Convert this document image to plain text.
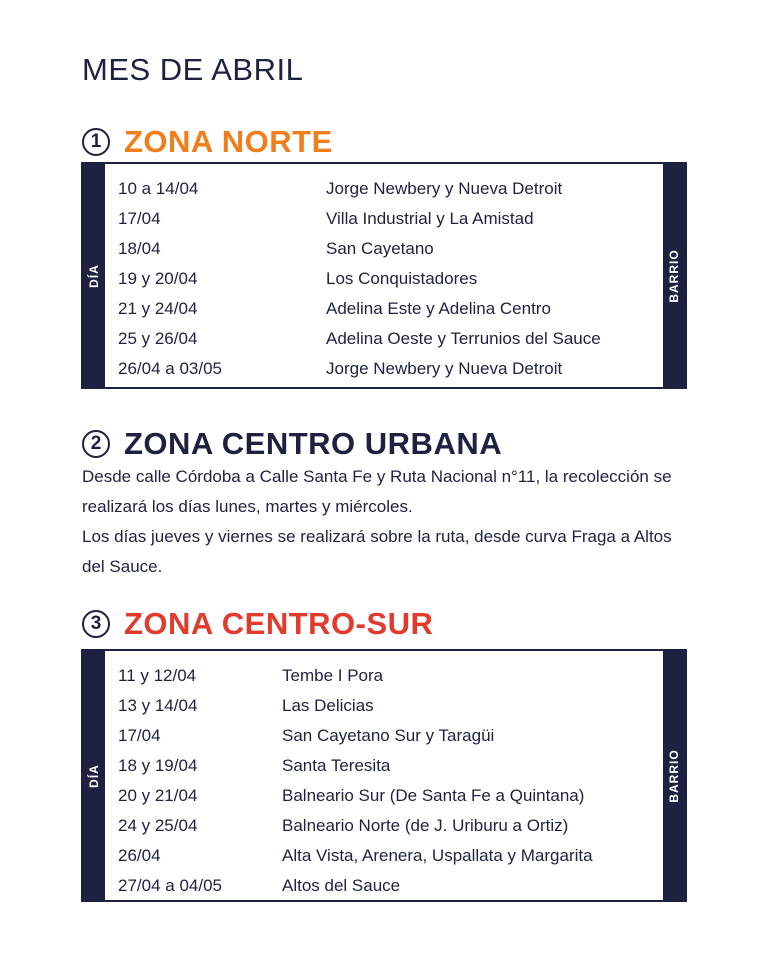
MES DE ABRIL
1 ZONA NORTE
DÍA
10 a 14/04	Jorge Newbery y Nueva Detroit
17/04	Villa Industrial y La Amistad
18/04	San Cayetano
19 y 20/04	Los Conquistadores
21 y 24/04	Adelina Este y Adelina Centro
25 y 26/04	Adelina Oeste y Terrunios del Sauce
26/04 a 03/05	Jorge Newbery y Nueva Detroit
BARRIO
2 ZONA CENTRO URBANA

Desde calle Córdoba a Calle Santa Fe y Ruta Nacional n°11, la recolección se realizará los días lunes, martes y miércoles.

Los días jueves y viernes se realizará sobre la ruta, desde curva Fraga a Altos del Sauce.

3 ZONA CENTRO-SUR
DÍA
11 y 12/04	Tembe I Pora
13 y 14/04	Las Delicias
17/04	San Cayetano Sur y Taragüi
18 y 19/04	Santa Teresita
20 y 21/04	Balneario Sur (De Santa Fe a Quintana)
24 y 25/04	Balneario Norte (de J. Uriburu a Ortiz)
26/04	Alta Vista, Arenera, Uspallata y Margarita
27/04 a 04/05	Altos del Sauce
BARRIO
